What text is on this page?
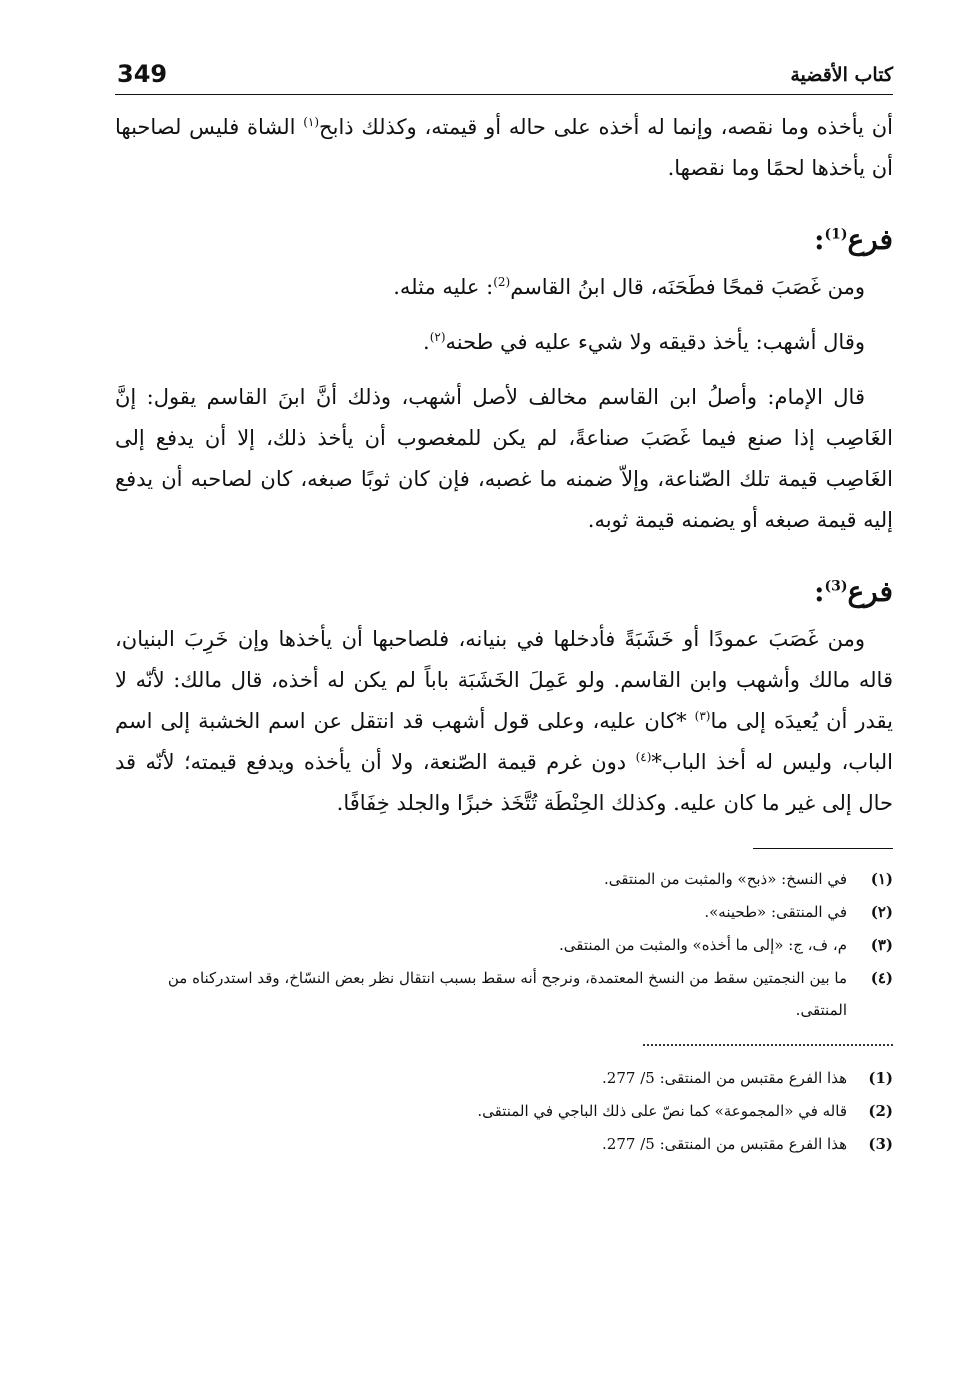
كتاب الأقضية
349

أن يأخذه وما نقصه، وإنما له أخذه على حاله أو قيمته، وكذلك ذابح$^{(١)}$ الشاة فليس لصاحبها أن يأخذها لحمًا وما نقصها.

فرع$^{(1)}$:

ومن غَصَبَ قمحًا فطَحَنَه، قال ابنُ القاسم$^{(2)}$: عليه مثله.

وقال أشهب: يأخذ دقيقه ولا شيء عليه في طحنه$^{(٢)}$.

قال الإمام: وأصلُ ابن القاسم مخالف لأصل أشهب، وذلك أنَّ ابنَ القاسم يقول: إنَّ الغَاصِب إذا صنع فيما غَصَبَ صناعةً، لم يكن للمغصوب أن يأخذ ذلك، إلا أن يدفع إلى الغَاصِب قيمة تلك الصّناعة، وإلاّ ضمنه ما غصبه، فإن كان ثوبًا صبغه، كان لصاحبه أن يدفع إليه قيمة صبغه أو يضمنه قيمة ثوبه.

فرع$^{(3)}$:

ومن غَصَبَ عمودًا أو خَشَبَةً فأدخلها في بنيانه، فلصاحبها أن يأخذها وإن خَرِبَ البنيان، قاله مالك وأشهب وابن القاسم. ولو عَمِلَ الخَشَبَة باباً لم يكن له أخذه، قال مالك: لأنّه لا يقدر أن يُعيدَه إلى ما$^{(٣)}$ *كان عليه، وعلى قول أشهب قد انتقل عن اسم الخشبة إلى اسم الباب، وليس له أخذ الباب*$^{(٤)}$ دون غرم قيمة الصّنعة، ولا أن يأخذه ويدفع قيمته؛ لأنّه قد حال إلى غير ما كان عليه. وكذلك الحِنْطَة تُتَّخَذ خبزًا والجلد خِفَافًا.

(١)
في النسخ: «ذبح» والمثبت من المنتقى.
(٢)
في المنتقى: «طحينه».
(٣)
م، ف، ج: «إلى ما أخذه» والمثبت من المنتقى.
(٤)
ما بين النجمتين سقط من النسخ المعتمدة، ونرجح أنه سقط بسبب انتقال نظر بعض النسّاخ، وقد استدركناه من المنتقى.
(1)
هذا الفرع مقتبس من المنتقى: 5/ 277.
(2)
قاله في «المجموعة» كما نصّ على ذلك الباجي في المنتقى.
(3)
هذا الفرع مقتبس من المنتقى: 5/ 277.
